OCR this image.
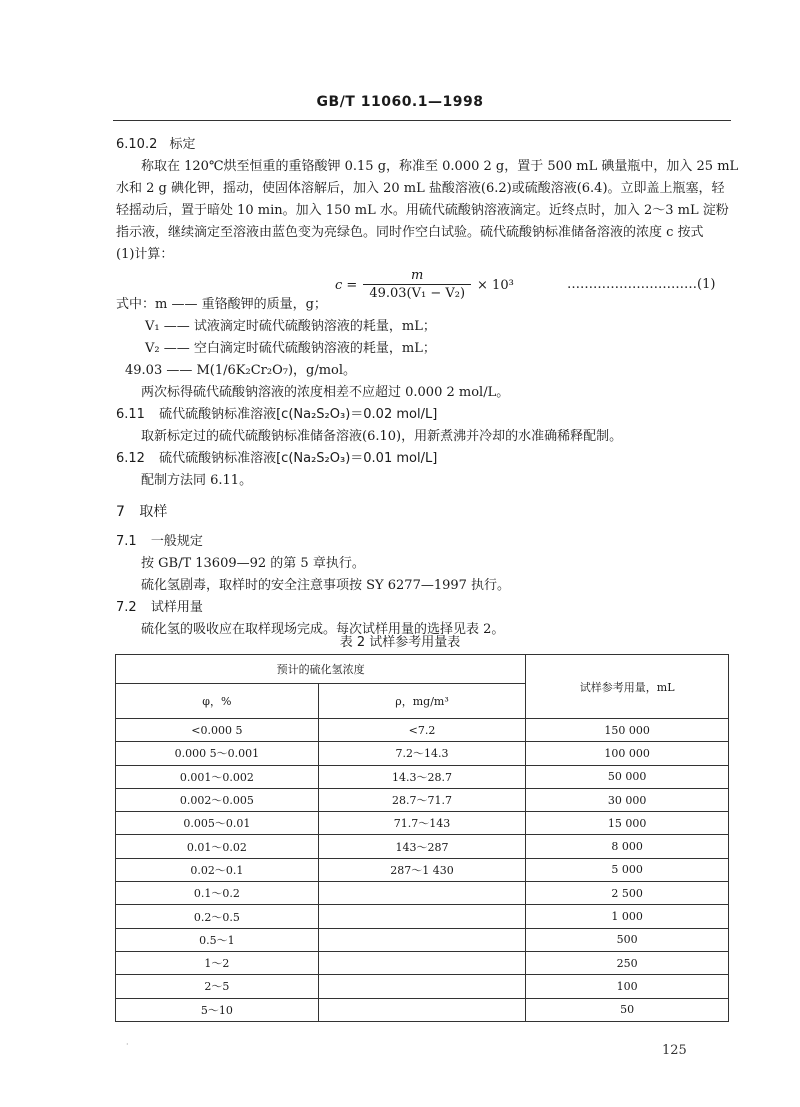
GB/T 11060.1—1998
6.10.2 标定
称取在 120℃烘至恒重的重铬酸钾 0.15 g，称准至 0.000 2 g，置于 500 mL 碘量瓶中，加入 25 mL
水和 2 g 碘化钾，摇动，使固体溶解后，加入 20 mL 盐酸溶液(6.2)或硫酸溶液(6.4)。立即盖上瓶塞，轻
轻摇动后，置于暗处 10 min。加入 150 mL 水。用硫代硫酸钠溶液滴定。近终点时，加入 2～3 mL 淀粉
指示液，继续滴定至溶液由蓝色变为亮绿色。同时作空白试验。硫代硫酸钠标准储备溶液的浓度 c 按式
(1)计算：
$c = \frac{m}{\text{49.03(V₁ − V₂)}} \times 10^3$	…………………………(1)
式中：m —— 重铬酸钾的质量，g；
V₁ —— 试液滴定时硫代硫酸钠溶液的耗量，mL；
V₂ —— 空白滴定时硫代硫酸钠溶液的耗量，mL；
49.03 —— M(1/6K₂Cr₂O₇)，g/mol。
两次标得硫代硫酸钠溶液的浓度相差不应超过 0.000 2 mol/L。
6.11 硫代硫酸钠标准溶液[c(Na₂S₂O₃)＝0.02 mol/L]
取新标定过的硫代硫酸钠标准储备溶液(6.10)，用新煮沸并冷却的水准确稀释配制。
6.12 硫代硫酸钠标准溶液[c(Na₂S₂O₃)＝0.01 mol/L]
配制方法同 6.11。
7 取样
7.1 一般规定
按 GB/T 13609—92 的第 5 章执行。
硫化氢剧毒，取样时的安全注意事项按 SY 6277—1997 执行。
7.2 试样用量
硫化氢的吸收应在取样现场完成。每次试样用量的选择见表 2。
表 2 试样参考用量表
预计的硫化氢浓度		试样参考用量，mL
φ，%	ρ，mg/m³	
<0.000 5	<7.2	150 000
0.000 5～0.001	7.2～14.3	100 000
0.001～0.002	14.3～28.7	50 000
0.002～0.005	28.7～71.7	30 000
0.005～0.01	71.7～143	15 000
0.01～0.02	143～287	8 000
0.02～0.1	287～1 430	5 000
0.1～0.2		2 500
0.2～0.5		1 000
0.5～1		500
1～2		250
2～5		100
5～10		50
·	125
